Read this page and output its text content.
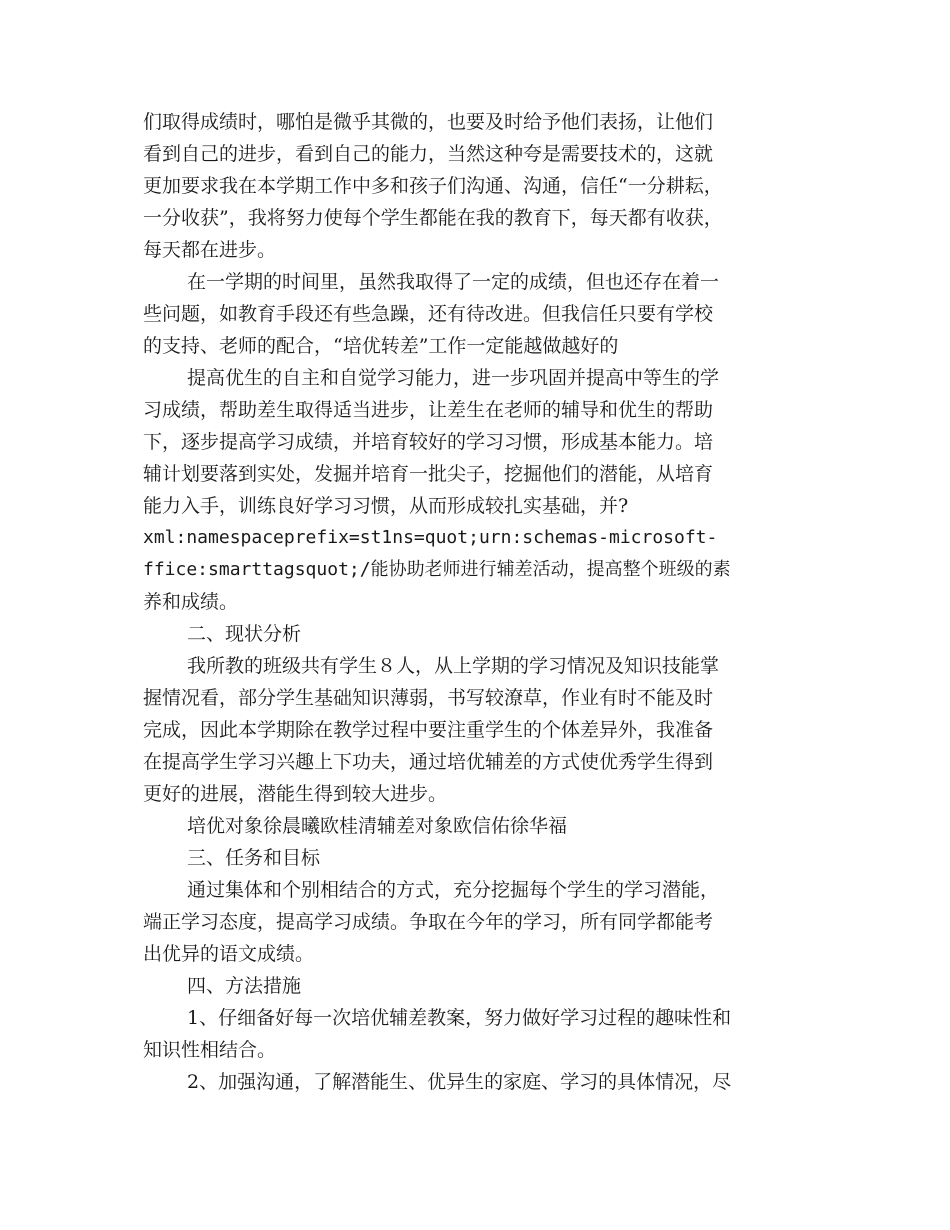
们取得成绩时，哪怕是微乎其微的，也要及时给予他们表扬，让他们
看到自己的进步，看到自己的能力，当然这种夸是需要技术的，这就
更加要求我在本学期工作中多和孩子们沟通、沟通，信任“一分耕耘，
一分收获”，我将努力使每个学生都能在我的教育下，每天都有收获，
每天都在进步。
在一学期的时间里，虽然我取得了一定的成绩，但也还存在着一
些问题，如教育手段还有些急躁，还有待改进。但我信任只要有学校
的支持、老师的配合，“培优转差”工作一定能越做越好的
提高优生的自主和自觉学习能力，进一步巩固并提高中等生的学
习成绩，帮助差生取得适当进步，让差生在老师的辅导和优生的帮助
下，逐步提高学习成绩，并培育较好的学习习惯，形成基本能力。培
辅计划要落到实处，发掘并培育一批尖子，挖掘他们的潜能，从培育
能力入手，训练良好学习习惯，从而形成较扎实基础，并?
xml:namespaceprefix=st1ns=quot;urn:schemas-microsoft-
ffice:smarttagsquot;/能协助老师进行辅差活动，提高整个班级的素
养和成绩。
二、现状分析
我所教的班级共有学生８人，从上学期的学习情况及知识技能掌
握情况看，部分学生基础知识薄弱，书写较潦草，作业有时不能及时
完成，因此本学期除在教学过程中要注重学生的个体差异外，我准备
在提高学生学习兴趣上下功夫，通过培优辅差的方式使优秀学生得到
更好的进展，潜能生得到较大进步。
培优对象徐晨曦欧桂清辅差对象欧信佑徐华福
三、任务和目标
通过集体和个别相结合的方式，充分挖掘每个学生的学习潜能，
端正学习态度，提高学习成绩。争取在今年的学习，所有同学都能考
出优异的语文成绩。
四、方法措施
1、仔细备好每一次培优辅差教案，努力做好学习过程的趣味性和
知识性相结合。
2、加强沟通，了解潜能生、优异生的家庭、学习的具体情况，尽
